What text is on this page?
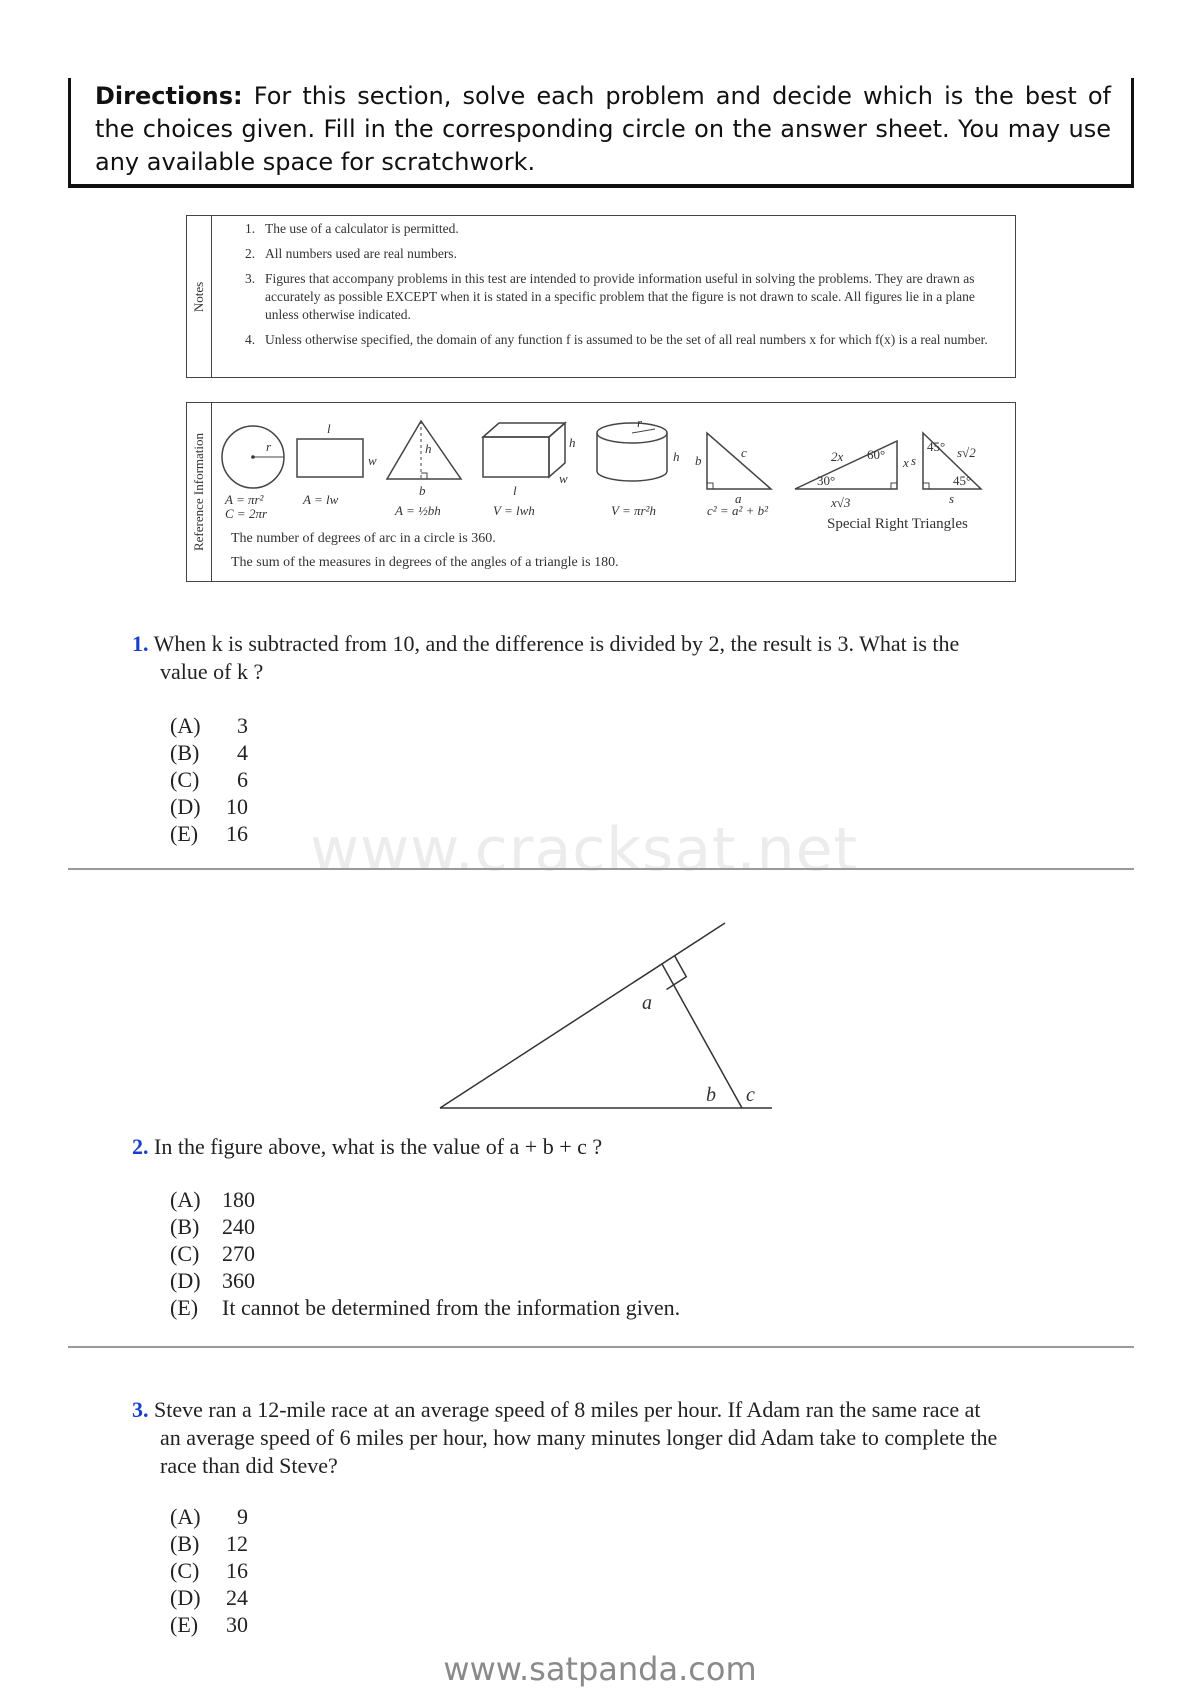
Directions: For this section, solve each problem and decide which is the best of the choices given. Fill in the corresponding circle on the answer sheet. You may use any available space for scratchwork.
Notes
1. The use of a calculator is permitted.
2. All numbers used are real numbers.
3. Figures that accompany problems in this test are intended to provide information useful in solving the problems. They are drawn as accurately as possible EXCEPT when it is stated in a specific problem that the figure is not drawn to scale. All figures lie in a plane unless otherwise indicated.
4. Unless otherwise specified, the domain of any function f is assumed to be the set of all real numbers x for which f(x) is a real number.
Reference Information	r
A = πr²
C = 2πr
l
w
A = lw
h
b
A = ½bh
h
w
l
V = lwh
r
h
V = πr²h
b
c
a
c² = a² + b²
2x 60°
x
30°
x√3
45° s√2
s
45°
s
Special Right Triangles
The number of degrees of arc in a circle is 360.
The sum of the measures in degrees of the angles of a triangle is 180.
1. When k is subtracted from 10, and the difference is divided by 2, the result is 3. What is the
value of k ?
(A)	3
(B)	4
(C)	6
(D)	10
(E)	16 www.cracksat.net
a
b c
2. In the figure above, what is the value of a + b + c ?
(A) 180
(B)	240
(C)	270
(D) 360
(E)	It cannot be determined from the information given.
3. Steve ran a 12-mile race at an average speed of 8 miles per hour. If Adam ran the same race at
an average speed of 6 miles per hour, how many minutes longer did Adam take to complete the
race than did Steve?
(A)	9
(B)	12
(C)	16
(D)	24
(E)	30
www.satpanda.com
